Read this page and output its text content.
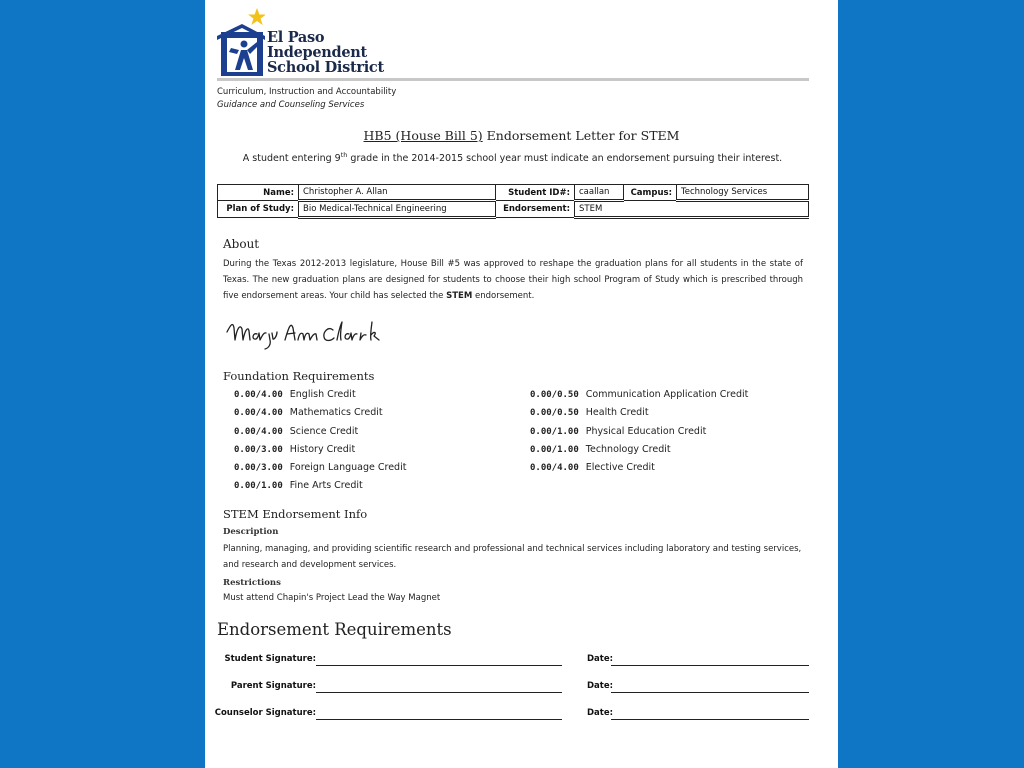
El Paso
Independent
School District
Curriculum, Instruction and Accountability
Guidance and Counseling Services
HB5 (House Bill 5) Endorsement Letter for STEM
A student entering 9th grade in the 2014-2015 school year must indicate an endorsement pursuing their interest.
Name:	Christopher A. Allan	Student ID#:	caallan	Campus:	Technology Services
Plan of Study:	Bio Medical-Technical Engineering	Endorsement:	STEM		
About
During the Texas 2012-2013 legislature, House Bill #5 was approved to reshape the graduation plans for all students in the state of Texas. The new graduation plans are designed for students to choose their high school Program of Study which is prescribed through five endorsement areas. Your child has selected the STEM endorsement.
Foundation Requirements
0.00/4.00 English Credit
0.00/4.00 Mathematics Credit
0.00/4.00 Science Credit
0.00/3.00 History Credit
0.00/3.00 Foreign Language Credit
0.00/1.00 Fine Arts Credit
0.00/0.50 Communication Application Credit
0.00/0.50 Health Credit
0.00/1.00 Physical Education Credit
0.00/1.00 Technology Credit
0.00/4.00 Elective Credit
STEM Endorsement Info
Description
Planning, managing, and providing scientific research and professional and technical services including laboratory and testing services, and research and development services.
Restrictions
Must attend Chapin's Project Lead the Way Magnet
Endorsement Requirements
Student Signature:	Date:
Parent Signature:	Date:
Counselor Signature:	Date:
